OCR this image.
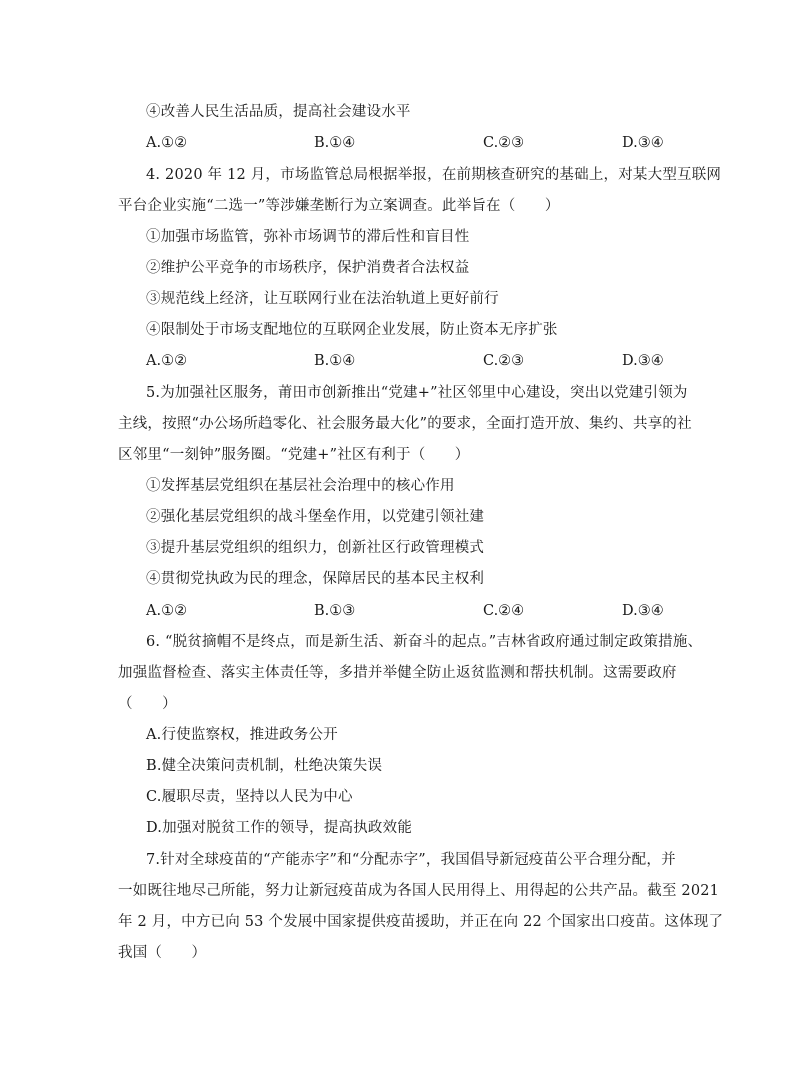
④改善人民生活品质，提高社会建设水平
A.①②	B.①④	C.②③	D.③④
4. 2020 年 12 月，市场监管总局根据举报，在前期核查研究的基础上，对某大型互联网
平台企业实施“二选一”等涉嫌垄断行为立案调查。此举旨在（　　）
①加强市场监管，弥补市场调节的滞后性和盲目性
②维护公平竞争的市场秩序，保护消费者合法权益
③规范线上经济，让互联网行业在法治轨道上更好前行
④限制处于市场支配地位的互联网企业发展，防止资本无序扩张
A.①②	B.①④	C.②③	D.③④
5.为加强社区服务，莆田市创新推出“党建+”社区邻里中心建设，突出以党建引领为
主线，按照“办公场所趋零化、社会服务最大化”的要求，全面打造开放、集约、共享的社
区邻里“一刻钟”服务圈。“党建+”社区有利于（　　）
①发挥基层党组织在基层社会治理中的核心作用
②强化基层党组织的战斗堡垒作用，以党建引领社建
③提升基层党组织的组织力，创新社区行政管理模式
④贯彻党执政为民的理念，保障居民的基本民主权利
A.①②	B.①③	C.②④	D.③④
6. “脱贫摘帽不是终点，而是新生活、新奋斗的起点。”吉林省政府通过制定政策措施、
加强监督检查、落实主体责任等，多措并举健全防止返贫监测和帮扶机制。这需要政府
（　　）
A.行使监察权，推进政务公开
B.健全决策问责机制，杜绝决策失误
C.履职尽责，坚持以人民为中心
D.加强对脱贫工作的领导，提高执政效能
7.针对全球疫苗的“产能赤字”和“分配赤字”，我国倡导新冠疫苗公平合理分配，并
一如既往地尽己所能，努力让新冠疫苗成为各国人民用得上、用得起的公共产品。截至 2021
年 2 月，中方已向 53 个发展中国家提供疫苗援助，并正在向 22 个国家出口疫苗。这体现了
我国（　　）
